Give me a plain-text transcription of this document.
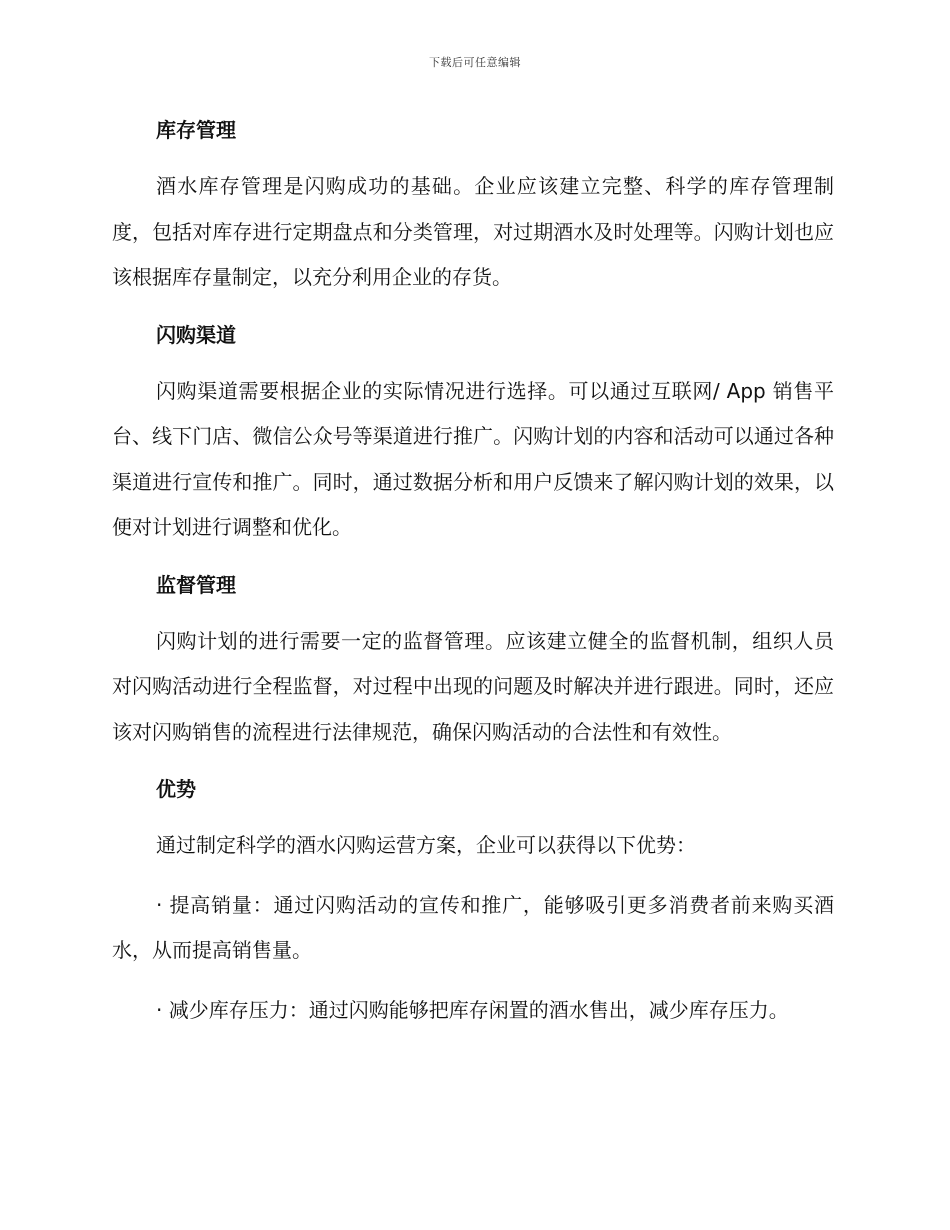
下载后可任意编辑
库存管理

酒水库存管理是闪购成功的基础。企业应该建立完整、科学的库存管理制度，包括对库存进行定期盘点和分类管理，对过期酒水及时处理等。闪购计划也应该根据库存量制定，以充分利用企业的存货。

闪购渠道

闪购渠道需要根据企业的实际情况进行选择。可以通过互联网/ App 销售平台、线下门店、微信公众号等渠道进行推广。闪购计划的内容和活动可以通过各种渠道进行宣传和推广。同时，通过数据分析和用户反馈来了解闪购计划的效果，以便对计划进行调整和优化。

监督管理

闪购计划的进行需要一定的监督管理。应该建立健全的监督机制，组织人员对闪购活动进行全程监督，对过程中出现的问题及时解决并进行跟进。同时，还应该对闪购销售的流程进行法律规范，确保闪购活动的合法性和有效性。

优势

通过制定科学的酒水闪购运营方案，企业可以获得以下优势：

· 提高销量：通过闪购活动的宣传和推广，能够吸引更多消费者前来购买酒水，从而提高销售量。

· 减少库存压力：通过闪购能够把库存闲置的酒水售出，减少库存压力。
